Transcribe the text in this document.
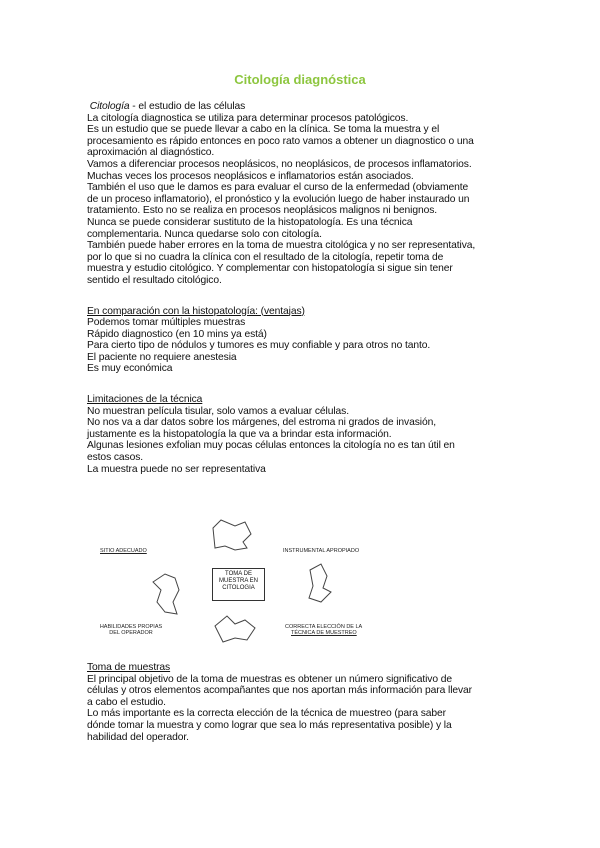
Citología diagnóstica
Citología - el estudio de las células
La citología diagnostica se utiliza para determinar procesos patológicos.
Es un estudio que se puede llevar a cabo en la clínica. Se toma la muestra y el
procesamiento es rápido entonces en poco rato vamos a obtener un diagnostico o una
aproximación al diagnóstico.
Vamos a diferenciar procesos neoplásicos, no neoplásicos, de procesos inflamatorios.
Muchas veces los procesos neoplásicos e inflamatorios están asociados.
También el uso que le damos es para evaluar el curso de la enfermedad (obviamente
de un proceso inflamatorio), el pronóstico y la evolución luego de haber instaurado un
tratamiento. Esto no se realiza en procesos neoplásicos malignos ni benignos.
Nunca se puede considerar sustituto de la histopatología. Es una técnica
complementaria. Nunca quedarse solo con citología.
También puede haber errores en la toma de muestra citológica y no ser representativa,
por lo que si no cuadra la clínica con el resultado de la citología, repetir toma de
muestra y estudio citológico. Y complementar con histopatología si sigue sin tener
sentido el resultado citológico.
En comparación con la histopatología: (ventajas)
Podemos tomar múltiples muestras
Rápido diagnostico (en 10 mins ya está)
Para cierto tipo de nódulos y tumores es muy confiable y para otros no tanto.
El paciente no requiere anestesia
Es muy económica
Limitaciones de la técnica
No muestran película tisular, solo vamos a evaluar células.
No nos va a dar datos sobre los márgenes, del estroma ni grados de invasión,
justamente es la histopatología la que va a brindar esta información.
Algunas lesiones exfolian muy pocas células entonces la citología no es tan útil en
estos casos.
La muestra puede no ser representativa
SITIO ADECUADO	INSTRUMENTAL APROPIADO
HABILIDADES PROPIAS
DEL OPERADOR
CORRECTA ELECCIÓN DE LA
TÉCNICA DE MUESTREO
TOMA DE MUESTRA EN CITOLOGIA
Toma de muestras
El principal objetivo de la toma de muestras es obtener un número significativo de
células y otros elementos acompañantes que nos aportan más información para llevar
a cabo el estudio.
Lo más importante es la correcta elección de la técnica de muestreo (para saber
dónde tomar la muestra y como lograr que sea lo más representativa posible) y la
habilidad del operador.
